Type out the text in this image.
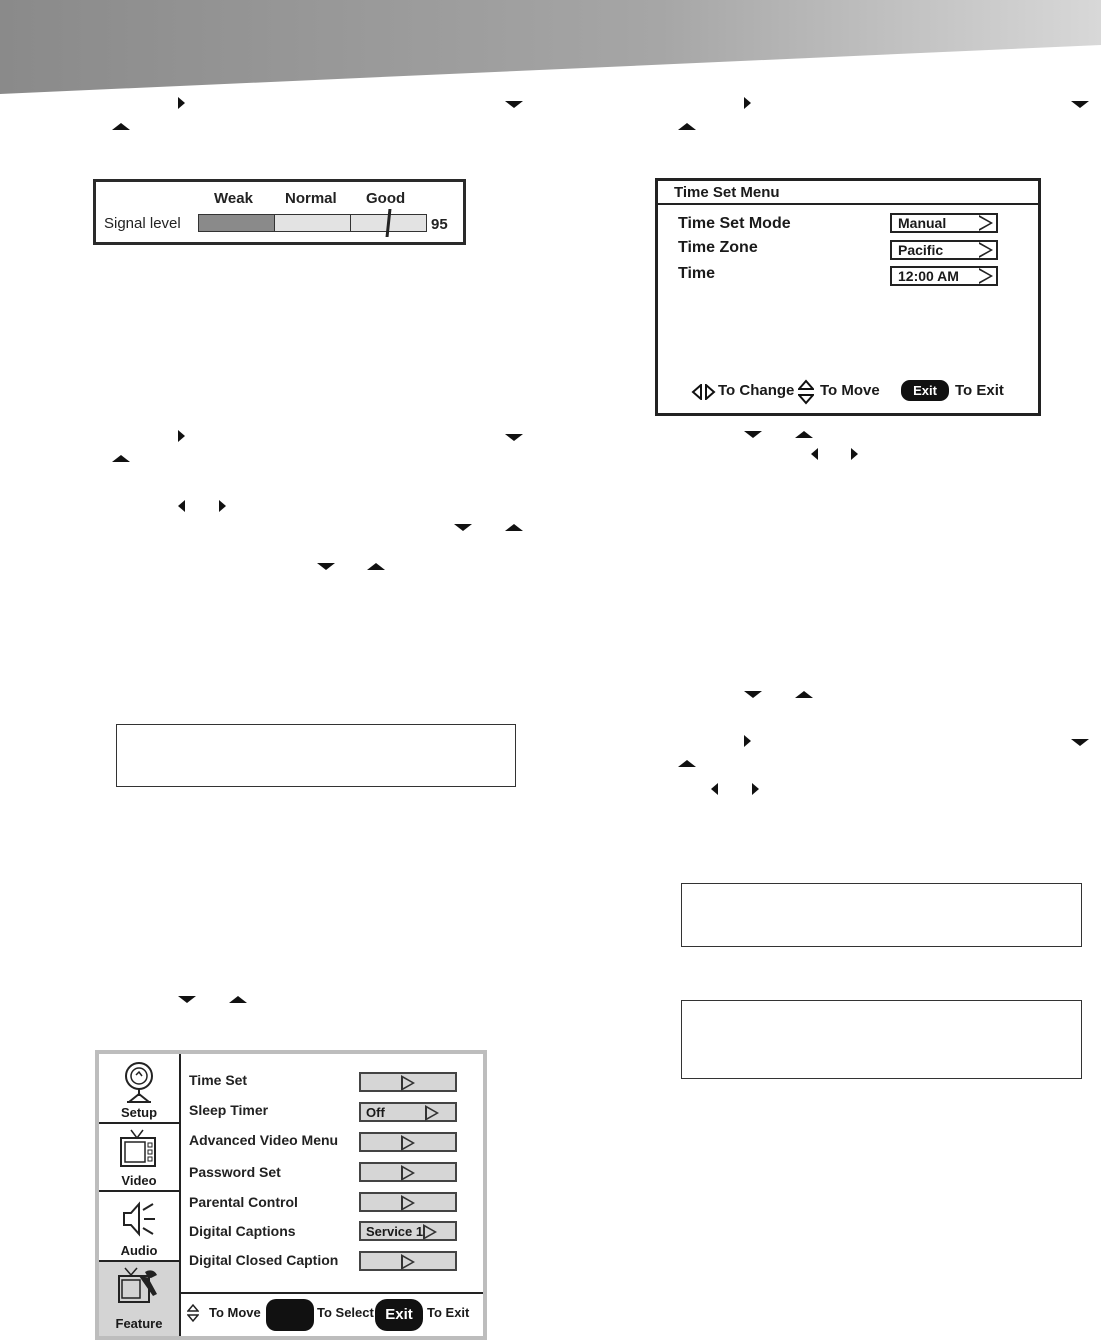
Weak Normal Good
Signal level	95
Time Set Menu
Time Set Mode	Manual
Time Zone	Pacific
Time	12:00 AM
To Change To Move	Exit	To Exit
Setup
Video
Audio
Feature
Time Set
Sleep Timer	Off
Advanced Video Menu
Password Set
Parental Control
Digital Captions	Service 1
Digital Closed Caption
To Move	To Select Exit	To Exit
